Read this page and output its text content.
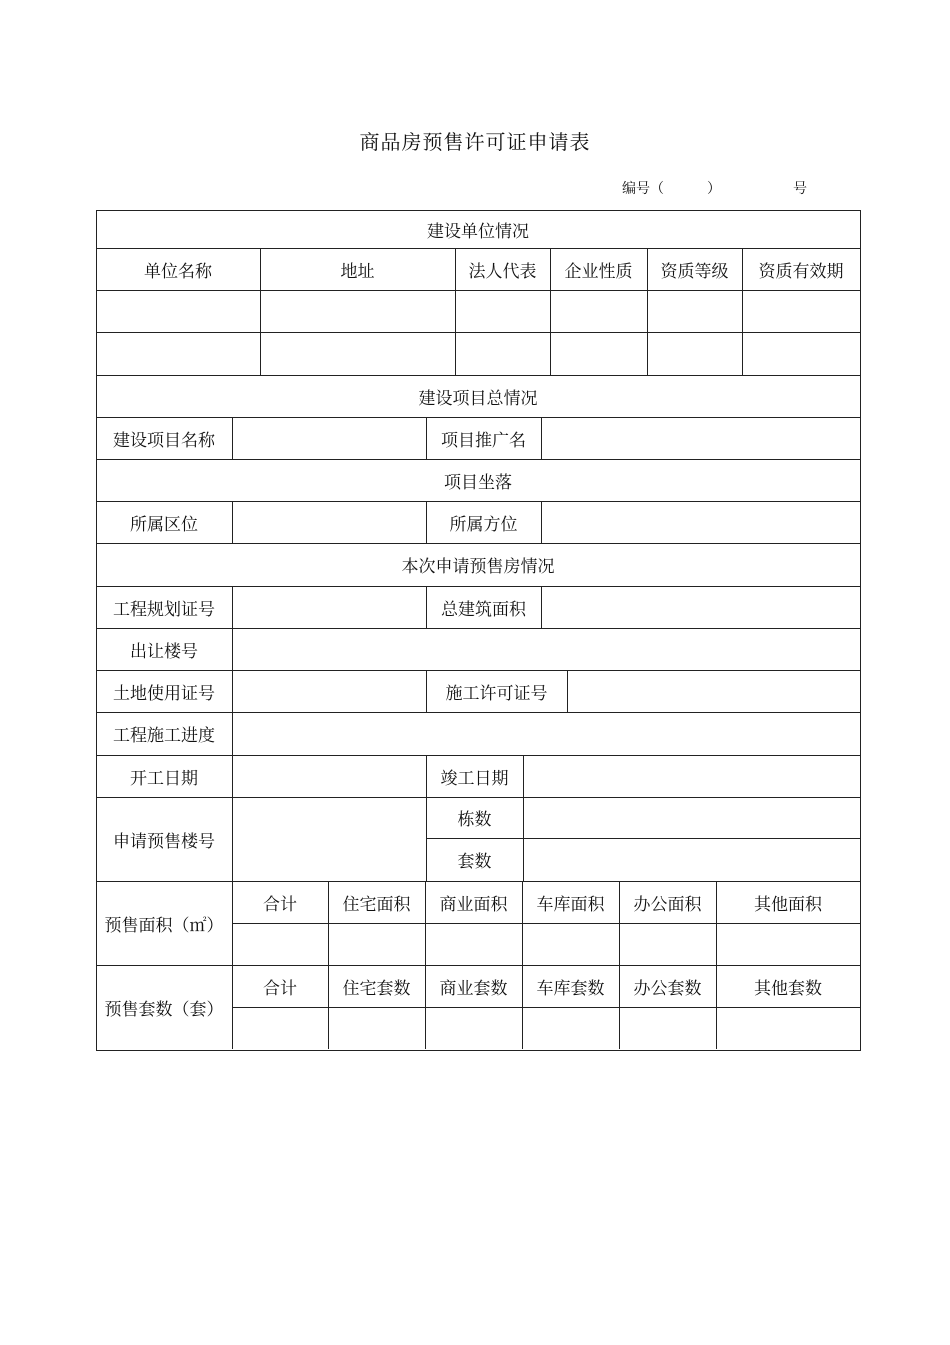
商品房预售许可证申请表
编号（	）	号
建设单位情况
单位名称	地址	法人代表	企业性质	资质等级	资质有效期
建设项目总情况
建设项目名称	项目推广名
项目坐落
所属区位	所属方位
本次申请预售房情况
工程规划证号	总建筑面积
出让楼号
土地使用证号	施工许可证号
工程施工进度
开工日期	竣工日期
申请预售楼号
栋数
套数
预售面积（㎡）
合计	住宅面积	商业面积	车库面积	办公面积	其他面积
预售套数（套）
合计	住宅套数	商业套数	车库套数	办公套数	其他套数
